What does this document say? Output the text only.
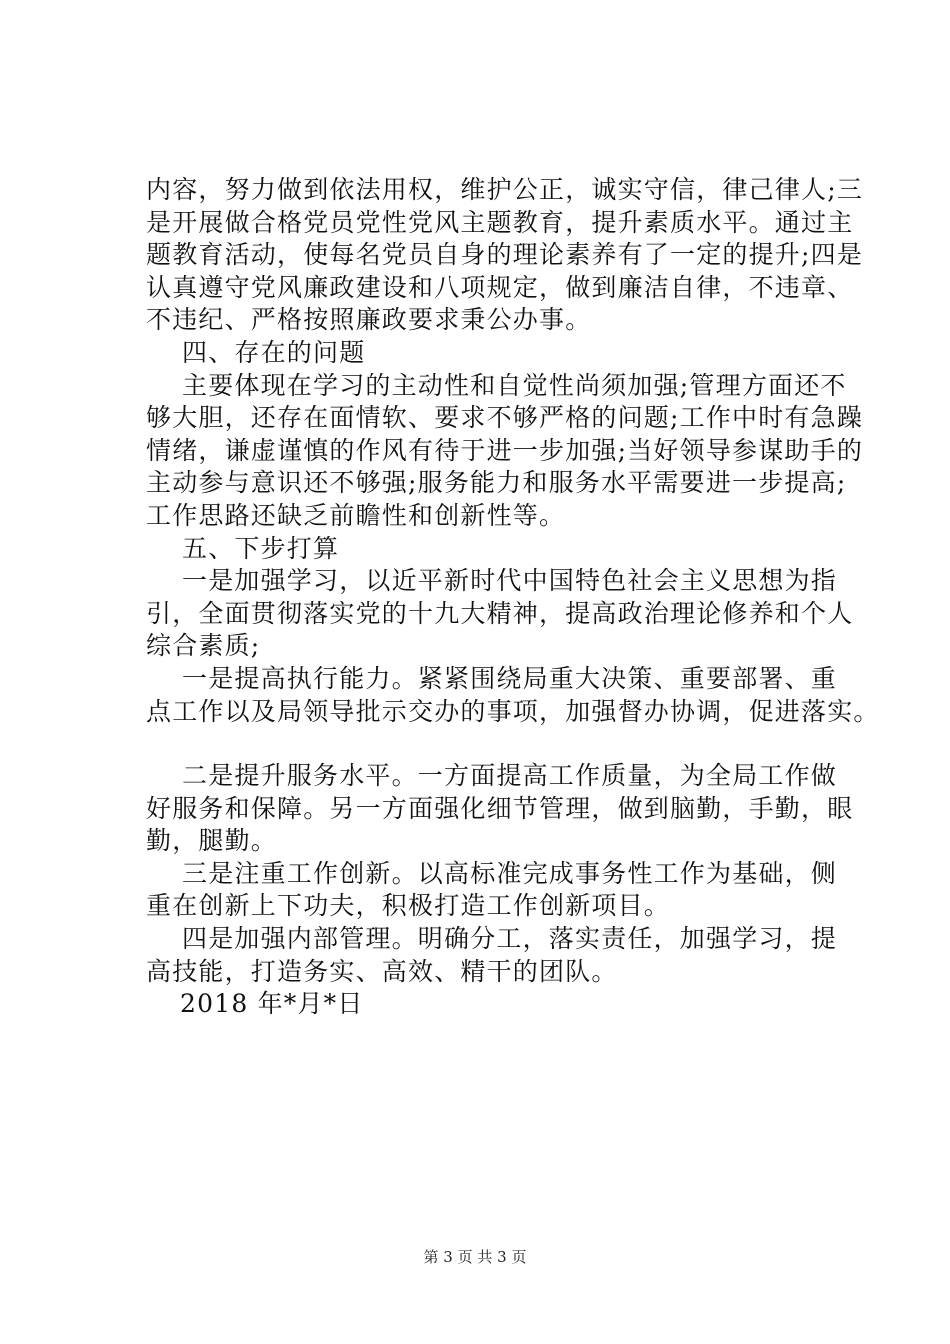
内容，努力做到依法用权，维护公正，诚实守信，律己律人;三
是开展做合格党员党性党风主题教育，提升素质水平。通过主
题教育活动，使每名党员自身的理论素养有了一定的提升;四是
认真遵守党风廉政建设和八项规定，做到廉洁自律，不违章、
不违纪、严格按照廉政要求秉公办事。
四、存在的问题
主要体现在学习的主动性和自觉性尚须加强;管理方面还不
够大胆，还存在面情软、要求不够严格的问题;工作中时有急躁
情绪，谦虚谨慎的作风有待于进一步加强;当好领导参谋助手的
主动参与意识还不够强;服务能力和服务水平需要进一步提高;
工作思路还缺乏前瞻性和创新性等。
五、下步打算
一是加强学习，以近平新时代中国特色社会主义思想为指
引，全面贯彻落实党的十九大精神，提高政治理论修养和个人
综合素质;
一是提高执行能力。紧紧围绕局重大决策、重要部署、重
点工作以及局领导批示交办的事项，加强督办协调，促进落实。
二是提升服务水平。一方面提高工作质量，为全局工作做
好服务和保障。另一方面强化细节管理，做到脑勤，手勤，眼
勤，腿勤。
三是注重工作创新。以高标准完成事务性工作为基础，侧
重在创新上下功夫，积极打造工作创新项目。
四是加强内部管理。明确分工，落实责任，加强学习，提
高技能，打造务实、高效、精干的团队。
2018 年*月*日
第 3 页 共 3 页
